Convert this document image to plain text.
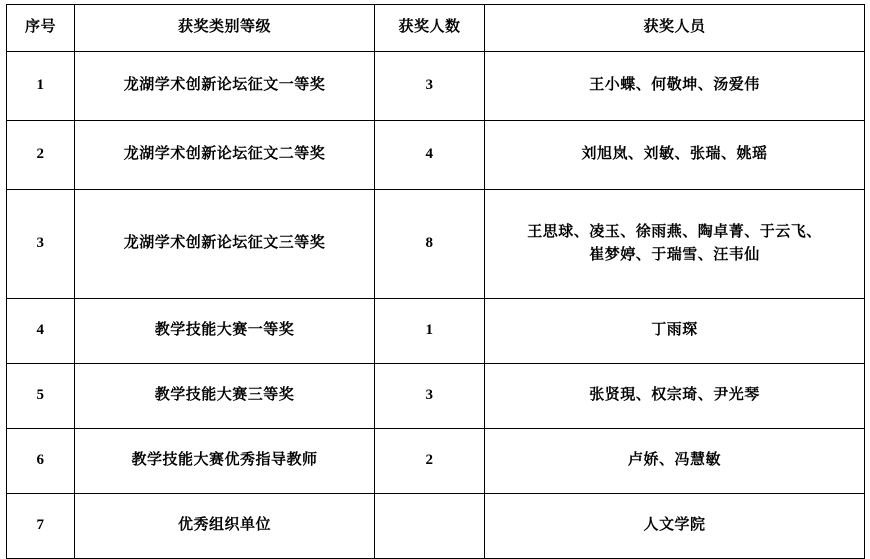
序号	获奖类别等级	获奖人数	获奖人员
1	龙湖学术创新论坛征文一等奖	3	王小蝶、何敬坤、汤爱伟
2	龙湖学术创新论坛征文二等奖	4	刘旭岚、刘敏、张瑞、姚瑶
3	龙湖学术创新论坛征文三等奖	8	王思球、凌玉、徐雨燕、陶卓菁、于云飞、
崔梦婷、于瑞雪、汪韦仙

4	教学技能大赛一等奖	1	丁雨琛
5	教学技能大赛三等奖	3	张贤現、权宗琦、尹光琴
6	教学技能大赛优秀指导教师	2	卢娇、冯慧敏
7	优秀组织单位		人文学院
